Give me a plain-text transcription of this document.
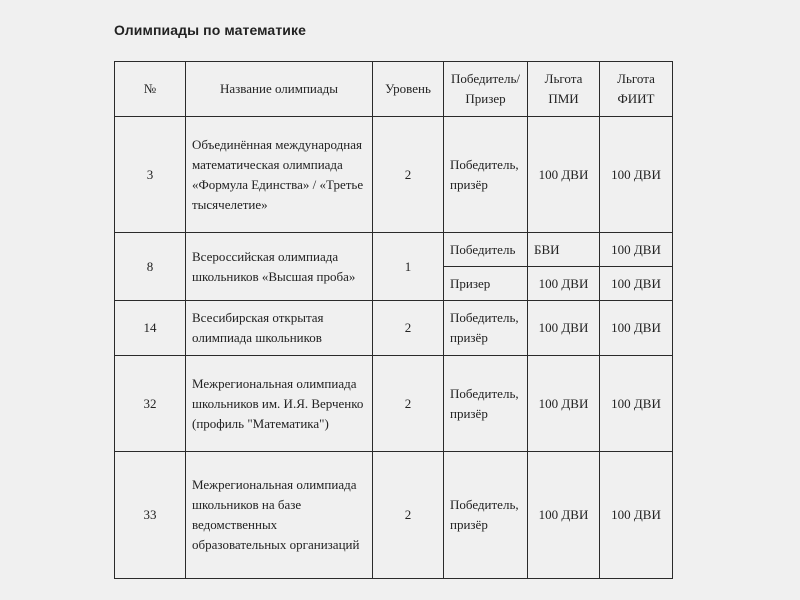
Олимпиады по математике
№	Название олимпиады	Уровень	Победитель/ Призер	Льгота ПМИ	Льгота ФИИТ
3	Объединённая международная математическая олимпиада «Формула Единства» / «Третье тысячелетие»	2	Победитель, призёр	100 ДВИ	100 ДВИ
8	Всероссийская олимпиада школьников «Высшая проба»	1	Победитель	БВИ	100 ДВИ
			Призер	100 ДВИ	100 ДВИ
14	Всесибирская открытая олимпиада школьников	2	Победитель, призёр	100 ДВИ	100 ДВИ
32	Межрегиональная олимпиада школьников им. И.Я. Верченко (профиль "Математика")	2	Победитель, призёр	100 ДВИ	100 ДВИ
33	Межрегиональная олимпиада школьников на базе ведомственных образовательных организаций	2	Победитель, призёр	100 ДВИ	100 ДВИ
